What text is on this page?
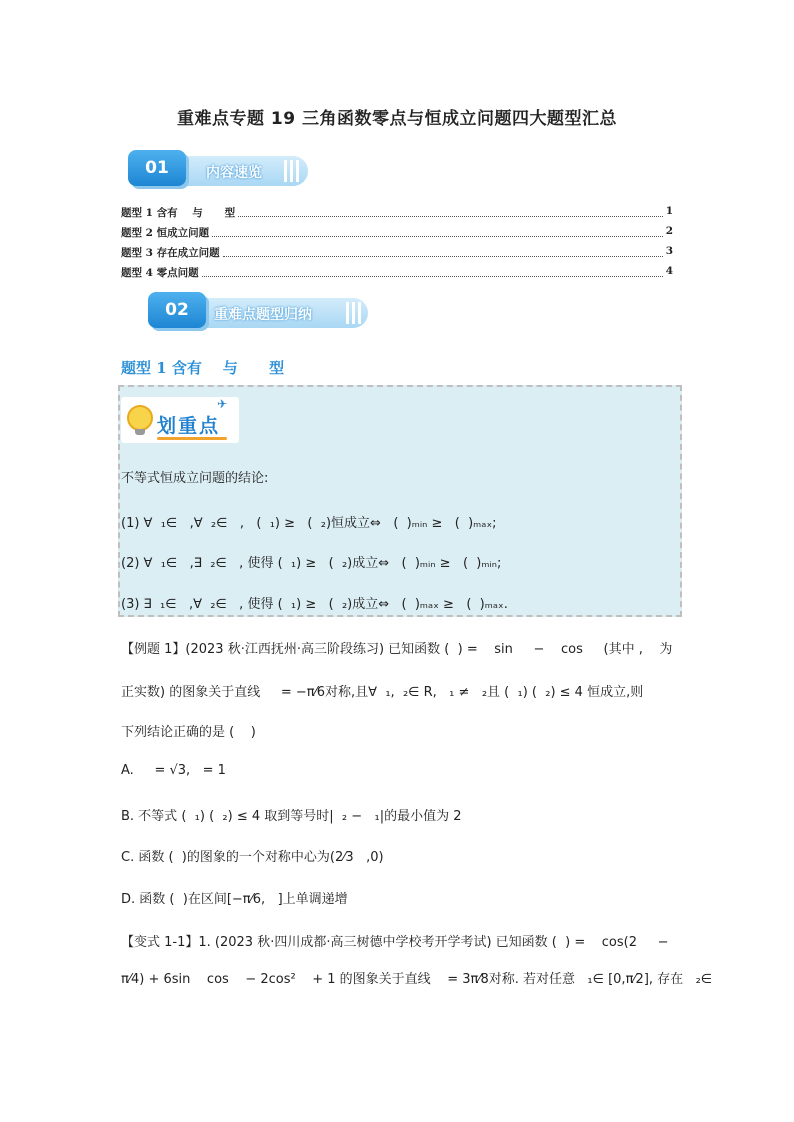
重难点专题 19 三角函数零点与恒成立问题四大题型汇总
01	内容速览
题型 1 含有    与      型	1
题型 2 恒成立问题	2
题型 3 存在成立问题	3
题型 4 零点问题	4
02	重难点题型归纳
题型 1 含有    与      型
划重点
✈
不等式恒成立问题的结论:
(1) ∀  ₁∈   ,∀  ₂∈   ,   (  ₁) ≥   (  ₂)恒成立⇔   (  )ₘᵢₙ ≥   (  )ₘₐₓ;
(2) ∀  ₁∈   ,∃  ₂∈   , 使得 (  ₁) ≥   (  ₂)成立⇔   (  )ₘᵢₙ ≥   (  )ₘᵢₙ;
(3) ∃  ₁∈   ,∀  ₂∈   , 使得 (  ₁) ≥   (  ₂)成立⇔   (  )ₘₐₓ ≥   (  )ₘₐₓ.
【例题 1】(2023 秋·江西抚州·高三阶段练习) 已知函数 (  ) =    sin     −    cos     (其中 ,    为
正实数) 的图象关于直线     = −π⁄6对称,且∀  ₁,  ₂∈ R,   ₁ ≠   ₂且 (  ₁) (  ₂) ≤ 4 恒成立,则
下列结论正确的是 (    )
A.     = √3,   = 1
B. 不等式 (  ₁) (  ₂) ≤ 4 取到等号时|  ₂ −   ₁|的最小值为 2
C. 函数 (  )的图象的一个对称中心为(2⁄3   ,0)
D. 函数 (  )在区间[−π⁄6,   ]上单调递增
【变式 1-1】1. (2023 秋·四川成都·高三树德中学校考开学考试) 已知函数 (  ) =    cos(2     −
π⁄4) + 6sin    cos    − 2cos²    + 1 的图象关于直线    = 3π⁄8对称. 若对任意   ₁∈ [0,π⁄2], 存在   ₂∈
